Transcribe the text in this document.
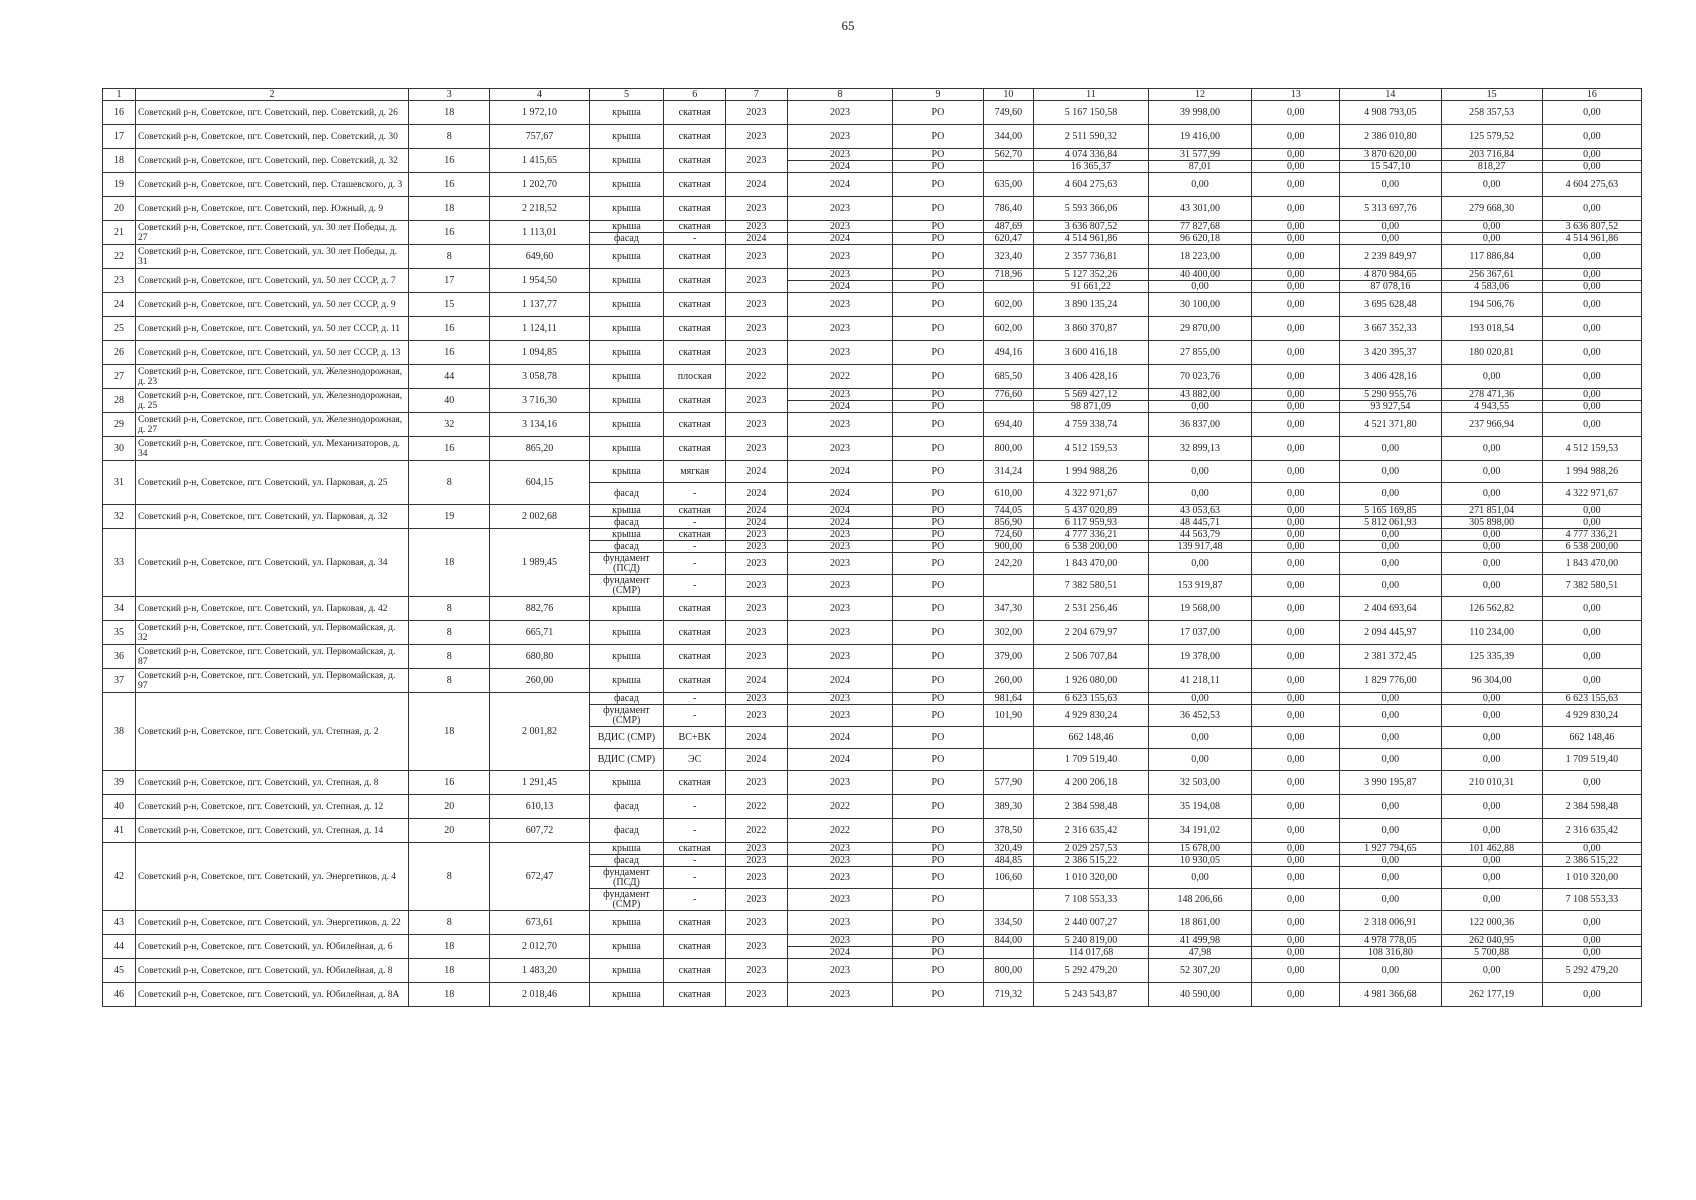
65
1	2	3	4	5	6	7	8	9	10	11	12	13	14	15	16
16	Советский р-н, Советское, пгт. Советский, пер. Советский, д. 26	18	1 972,10	крыша	скатная	2023	2023	РО	749,60	5 167 150,58	39 998,00	0,00	4 908 793,05	258 357,53	0,00
17	Советский р-н, Советское, пгт. Советский, пер. Советский, д. 30	8	757,67	крыша	скатная	2023	2023	РО	344,00	2 511 590,32	19 416,00	0,00	2 386 010,80	125 579,52	0,00
18	Советский р-н, Советское, пгт. Советский, пер. Советский, д. 32	16	1 415,65	крыша	скатная	2023	2023	РО	562,70	4 074 336,84	31 577,99	0,00	3 870 620,00	203 716,84	0,00
							2024	РО		16 365,37	87,01	0,00	15 547,10	818,27	0,00
19	Советский р-н, Советское, пгт. Советский, пер. Сташевского, д. 3	16	1 202,70	крыша	скатная	2024	2024	РО	635,00	4 604 275,63	0,00	0,00	0,00	0,00	4 604 275,63
20	Советский р-н, Советское, пгт. Советский, пер. Южный, д. 9	18	2 218,52	крыша	скатная	2023	2023	РО	786,40	5 593 366,06	43 301,00	0,00	5 313 697,76	279 668,30	0,00
21	Советский р-н, Советское, пгт. Советский, ул. 30 лет Победы, д. 27	16	1 113,01	крыша	скатная	2023	2023	РО	487,69	3 636 807,52	77 827,68	0,00	0,00	0,00	3 636 807,52
				фасад	-	2024	2024	РО	620,47	4 514 961,86	96 620,18	0,00	0,00	0,00	4 514 961,86
22	Советский р-н, Советское, пгт. Советский, ул. 30 лет Победы, д. 31	8	649,60	крыша	скатная	2023	2023	РО	323,40	2 357 736,81	18 223,00	0,00	2 239 849,97	117 886,84	0,00
23	Советский р-н, Советское, пгт. Советский, ул. 50 лет СССР, д. 7	17	1 954,50	крыша	скатная	2023	2023	РО	718,96	5 127 352,26	40 400,00	0,00	4 870 984,65	256 367,61	0,00
							2024	РО		91 661,22	0,00	0,00	87 078,16	4 583,06	0,00
24	Советский р-н, Советское, пгт. Советский, ул. 50 лет СССР, д. 9	15	1 137,77	крыша	скатная	2023	2023	РО	602,00	3 890 135,24	30 100,00	0,00	3 695 628,48	194 506,76	0,00
25	Советский р-н, Советское, пгт. Советский, ул. 50 лет СССР, д. 11	16	1 124,11	крыша	скатная	2023	2023	РО	602,00	3 860 370,87	29 870,00	0,00	3 667 352,33	193 018,54	0,00
26	Советский р-н, Советское, пгт. Советский, ул. 50 лет СССР, д. 13	16	1 094,85	крыша	скатная	2023	2023	РО	494,16	3 600 416,18	27 855,00	0,00	3 420 395,37	180 020,81	0,00
27	Советский р-н, Советское, пгт. Советский, ул. Железнодорожная, д. 23	44	3 058,78	крыша	плоская	2022	2022	РО	685,50	3 406 428,16	70 023,76	0,00	3 406 428,16	0,00	0,00
28	Советский р-н, Советское, пгт. Советский, ул. Железнодорожная, д. 25	40	3 716,30	крыша	скатная	2023	2023	РО	776,60	5 569 427,12	43 882,00	0,00	5 290 955,76	278 471,36	0,00
							2024	РО		98 871,09	0,00	0,00	93 927,54	4 943,55	0,00
29	Советский р-н, Советское, пгт. Советский, ул. Железнодорожная, д. 27	32	3 134,16	крыша	скатная	2023	2023	РО	694,40	4 759 338,74	36 837,00	0,00	4 521 371,80	237 966,94	0,00
30	Советский р-н, Советское, пгт. Советский, ул. Механизаторов, д. 34	16	865,20	крыша	скатная	2023	2023	РО	800,00	4 512 159,53	32 899,13	0,00	0,00	0,00	4 512 159,53
31	Советский р-н, Советское, пгт. Советский, ул. Парковая, д. 25	8	604,15	крыша	мягкая	2024	2024	РО	314,24	1 994 988,26	0,00	0,00	0,00	0,00	1 994 988,26
				фасад	-	2024	2024	РО	610,00	4 322 971,67	0,00	0,00	0,00	0,00	4 322 971,67
32	Советский р-н, Советское, пгт. Советский, ул. Парковая, д. 32	19	2 002,68	крыша	скатная	2024	2024	РО	744,05	5 437 020,89	43 053,63	0,00	5 165 169,85	271 851,04	0,00
				фасад	-	2024	2024	РО	856,90	6 117 959,93	48 445,71	0,00	5 812 061,93	305 898,00	0,00
33	Советский р-н, Советское, пгт. Советский, ул. Парковая, д. 34	18	1 989,45	крыша	скатная	2023	2023	РО	724,60	4 777 336,21	44 563,79	0,00	0,00	0,00	4 777 336,21
				фасад	-	2023	2023	РО	900,00	6 538 200,00	139 917,48	0,00	0,00	0,00	6 538 200,00
				фундамент (ПСД)	-	2023	2023	РО	242,20	1 843 470,00	0,00	0,00	0,00	0,00	1 843 470,00
				фундамент (СМР)	-	2023	2023	РО		7 382 580,51	153 919,87	0,00	0,00	0,00	7 382 580,51
34	Советский р-н, Советское, пгт. Советский, ул. Парковая, д. 42	8	882,76	крыша	скатная	2023	2023	РО	347,30	2 531 256,46	19 568,00	0,00	2 404 693,64	126 562,82	0,00
35	Советский р-н, Советское, пгт. Советский, ул. Первомайская, д. 32	8	665,71	крыша	скатная	2023	2023	РО	302,00	2 204 679,97	17 037,00	0,00	2 094 445,97	110 234,00	0,00
36	Советский р-н, Советское, пгт. Советский, ул. Первомайская, д. 87	8	680,80	крыша	скатная	2023	2023	РО	379,00	2 506 707,84	19 378,00	0,00	2 381 372,45	125 335,39	0,00
37	Советский р-н, Советское, пгт. Советский, ул. Первомайская, д. 97	8	260,00	крыша	скатная	2024	2024	РО	260,00	1 926 080,00	41 218,11	0,00	1 829 776,00	96 304,00	0,00
38	Советский р-н, Советское, пгт. Советский, ул. Степная, д. 2	18	2 001,82	фасад	-	2023	2023	РО	981,64	6 623 155,63	0,00	0,00	0,00	0,00	6 623 155,63
				фундамент (СМР)	-	2023	2023	РО	101,90	4 929 830,24	36 452,53	0,00	0,00	0,00	4 929 830,24
				ВДИС (СМР)	ВС+ВК	2024	2024	РО		662 148,46	0,00	0,00	0,00	0,00	662 148,46
				ВДИС (СМР)	ЭС	2024	2024	РО		1 709 519,40	0,00	0,00	0,00	0,00	1 709 519,40
39	Советский р-н, Советское, пгт. Советский, ул. Степная, д. 8	16	1 291,45	крыша	скатная	2023	2023	РО	577,90	4 200 206,18	32 503,00	0,00	3 990 195,87	210 010,31	0,00
40	Советский р-н, Советское, пгт. Советский, ул. Степная, д. 12	20	610,13	фасад	-	2022	2022	РО	389,30	2 384 598,48	35 194,08	0,00	0,00	0,00	2 384 598,48
41	Советский р-н, Советское, пгт. Советский, ул. Степная, д. 14	20	607,72	фасад	-	2022	2022	РО	378,50	2 316 635,42	34 191,02	0,00	0,00	0,00	2 316 635,42
42	Советский р-н, Советское, пгт. Советский, ул. Энергетиков, д. 4	8	672,47	крыша	скатная	2023	2023	РО	320,49	2 029 257,53	15 678,00	0,00	1 927 794,65	101 462,88	0,00
				фасад	-	2023	2023	РО	484,85	2 386 515,22	10 930,05	0,00	0,00	0,00	2 386 515,22
				фундамент (ПСД)	-	2023	2023	РО	106,60	1 010 320,00	0,00	0,00	0,00	0,00	1 010 320,00
				фундамент (СМР)	-	2023	2023	РО		7 108 553,33	148 206,66	0,00	0,00	0,00	7 108 553,33
43	Советский р-н, Советское, пгт. Советский, ул. Энергетиков, д. 22	8	673,61	крыша	скатная	2023	2023	РО	334,50	2 440 007,27	18 861,00	0,00	2 318 006,91	122 000,36	0,00
44	Советский р-н, Советское, пгт. Советский, ул. Юбилейная, д. 6	18	2 012,70	крыша	скатная	2023	2023	РО	844,00	5 240 819,00	41 499,98	0,00	4 978 778,05	262 040,95	0,00
							2024	РО		114 017,68	47,98	0,00	108 316,80	5 700,88	0,00
45	Советский р-н, Советское, пгт. Советский, ул. Юбилейная, д. 8	18	1 483,20	крыша	скатная	2023	2023	РО	800,00	5 292 479,20	52 307,20	0,00	0,00	0,00	5 292 479,20
46	Советский р-н, Советское, пгт. Советский, ул. Юбилейная, д. 8А	18	2 018,46	крыша	скатная	2023	2023	РО	719,32	5 243 543,87	40 590,00	0,00	4 981 366,68	262 177,19	0,00
